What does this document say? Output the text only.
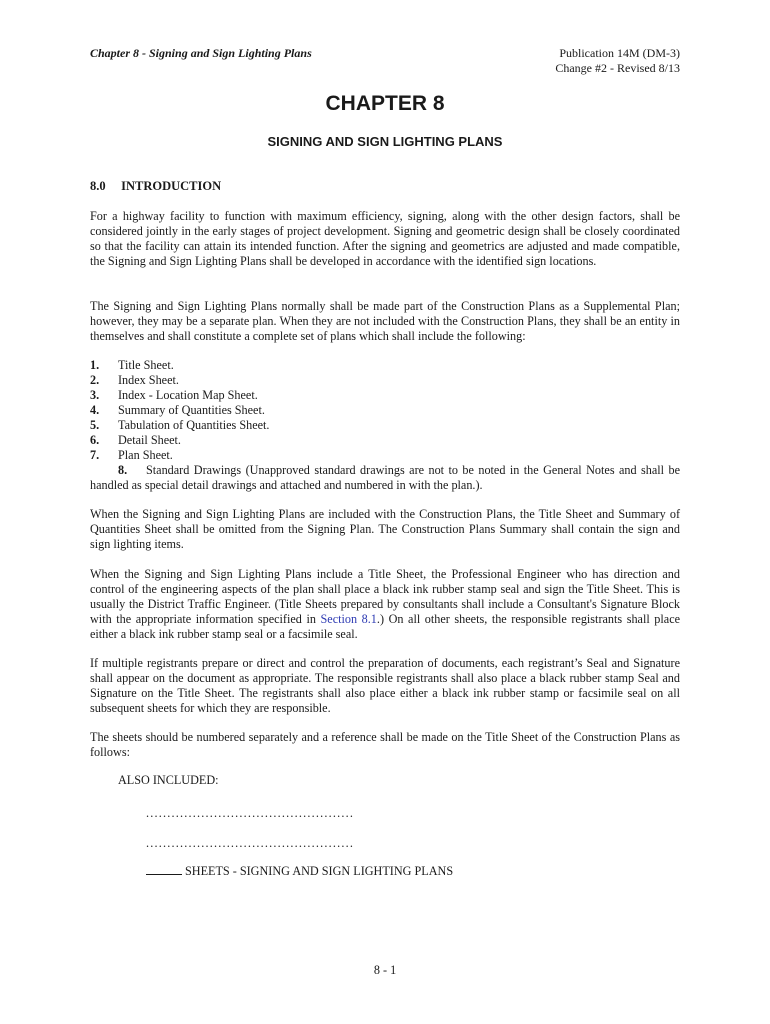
Chapter 8 - Signing and Sign Lighting Plans	Publication 14M (DM-3)
Change #2 - Revised 8/13
CHAPTER 8
SIGNING AND SIGN LIGHTING PLANS
8.0 INTRODUCTION

For a highway facility to function with maximum efficiency, signing, along with the other design factors, shall be considered jointly in the early stages of project development. Signing and geometric design shall be closely coordinated so that the facility can attain its intended function. After the signing and geometrics are adjusted and made compatible, the Signing and Sign Lighting Plans shall be developed in accordance with the identified sign locations.

The Signing and Sign Lighting Plans normally shall be made part of the Construction Plans as a Supplemental Plan; however, they may be a separate plan. When they are not included with the Construction Plans, they shall be an entity in themselves and shall constitute a complete set of plans which shall include the following:

1. Title Sheet.
2. Index Sheet.
3. Index - Location Map Sheet.
4. Summary of Quantities Sheet.
5. Tabulation of Quantities Sheet.
6. Detail Sheet.
7. Plan Sheet.
8. Standard Drawings (Unapproved standard drawings are not to be noted in the General Notes and shall be handled as special detail drawings and attached and numbered in with the plan.).

When the Signing and Sign Lighting Plans are included with the Construction Plans, the Title Sheet and Summary of Quantities Sheet shall be omitted from the Signing Plan. The Construction Plans Summary shall contain the sign and sign lighting items.

When the Signing and Sign Lighting Plans include a Title Sheet, the Professional Engineer who has direction and control of the engineering aspects of the plan shall place a black ink rubber stamp seal and sign the Title Sheet. This is usually the District Traffic Engineer. (Title Sheets prepared by consultants shall include a Consultant's Signature Block with the appropriate information specified in Section 8.1.) On all other sheets, the responsible registrants shall place either a black ink rubber stamp seal or a facsimile seal.

If multiple registrants prepare or direct and control the preparation of documents, each registrant’s Seal and Signature shall appear on the document as appropriate. The responsible registrants shall also place a black rubber stamp Seal and Signature on the Title Sheet. The registrants shall also place either a black ink rubber stamp or facsimile seal on all subsequent sheets for which they are responsible.

The sheets should be numbered separately and a reference shall be made on the Title Sheet of the Construction Plans as follows:

ALSO INCLUDED:
.................................................
.................................................
SHEETS - SIGNING AND SIGN LIGHTING PLANS
8 - 1
